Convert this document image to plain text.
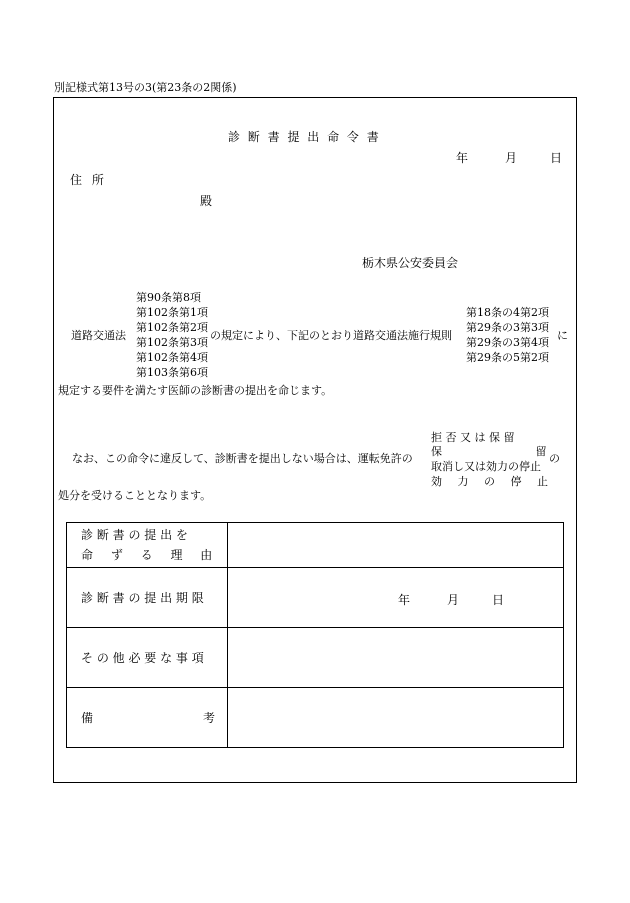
別記様式第13号の3(第23条の2関係)
診 断 書 提 出 命 令 書
年	月	日
住 所
殿
栃木県公安委員会
道路交通法
第90条第8項
第102条第1項
第102条第2項
第102条第3項
第102条第4項
第103条第6項
の規定により、下記のとおり道路交通法施行規則
第18条の4第2項
第29条の3第3項
第29条の3第4項
第29条の5第2項
に
規定する要件を満たす医師の診断書の提出を命じます。
なお、この命令に違反して、診断書を提出しない場合は、運転免許の
拒 否 又 は 保 留
保 留
取消し又は効力の停止
効 力 の 停 止
の
処分を受けることとなります。
診 断 書 の 提 出 を
命 ず る 理 由	

診 断 書 の 提 出 期 限	年 月 日

そ の 他 必 要 な 事 項	

備 考	
